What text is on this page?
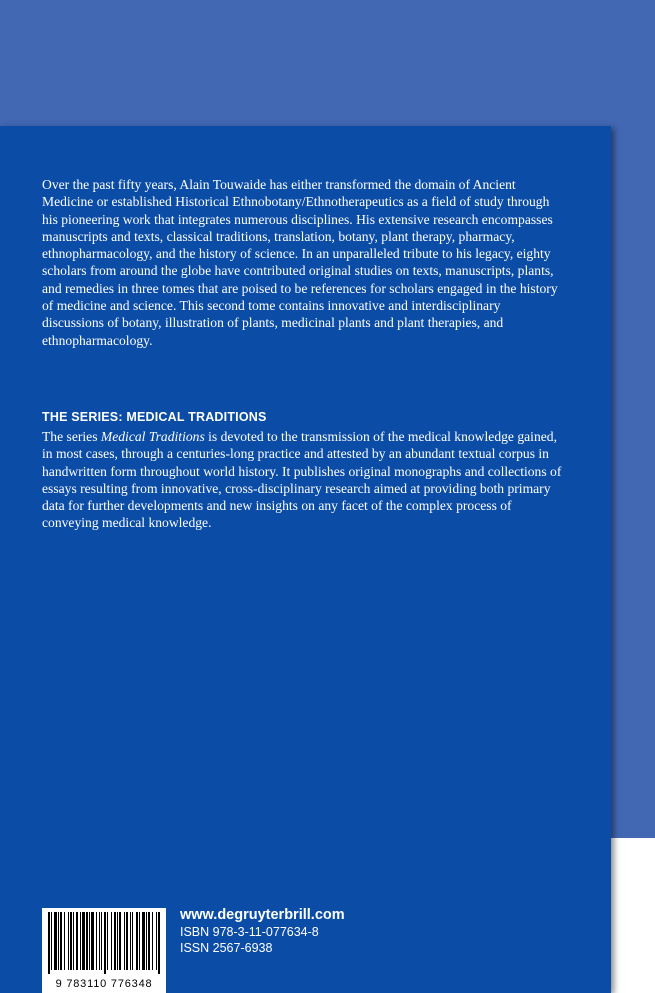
Over the past fifty years, Alain Touwaide has either transformed the domain of Ancient Medicine or established Historical Ethnobotany/Ethnotherapeutics as a field of study through his pioneering work that integrates numerous disciplines. His extensive research encompasses manuscripts and texts, classical traditions, translation, botany, plant therapy, pharmacy, ethnopharmacology, and the history of science. In an unparalleled tribute to his legacy, eighty scholars from around the globe have contributed original studies on texts, manuscripts, plants, and remedies in three tomes that are poised to be references for scholars engaged in the history of medicine and science. This second tome contains innovative and interdisciplinary discussions of botany, illustration of plants, medicinal plants and plant therapies, and ethnopharmacology.

THE SERIES: MEDICAL TRADITIONS

The series Medical Traditions is devoted to the transmission of the medical knowledge gained, in most cases, through a centuries-long practice and attested by an abundant textual corpus in handwritten form throughout world history. It publishes original monographs and collections of essays resulting from innovative, cross-disciplinary research aimed at providing both primary data for further developments and new insights on any facet of the complex process of conveying medical knowledge.

9 783110 776348
www.degruyterbrill.com
ISBN 978-3-11-077634-8
ISSN 2567-6938
